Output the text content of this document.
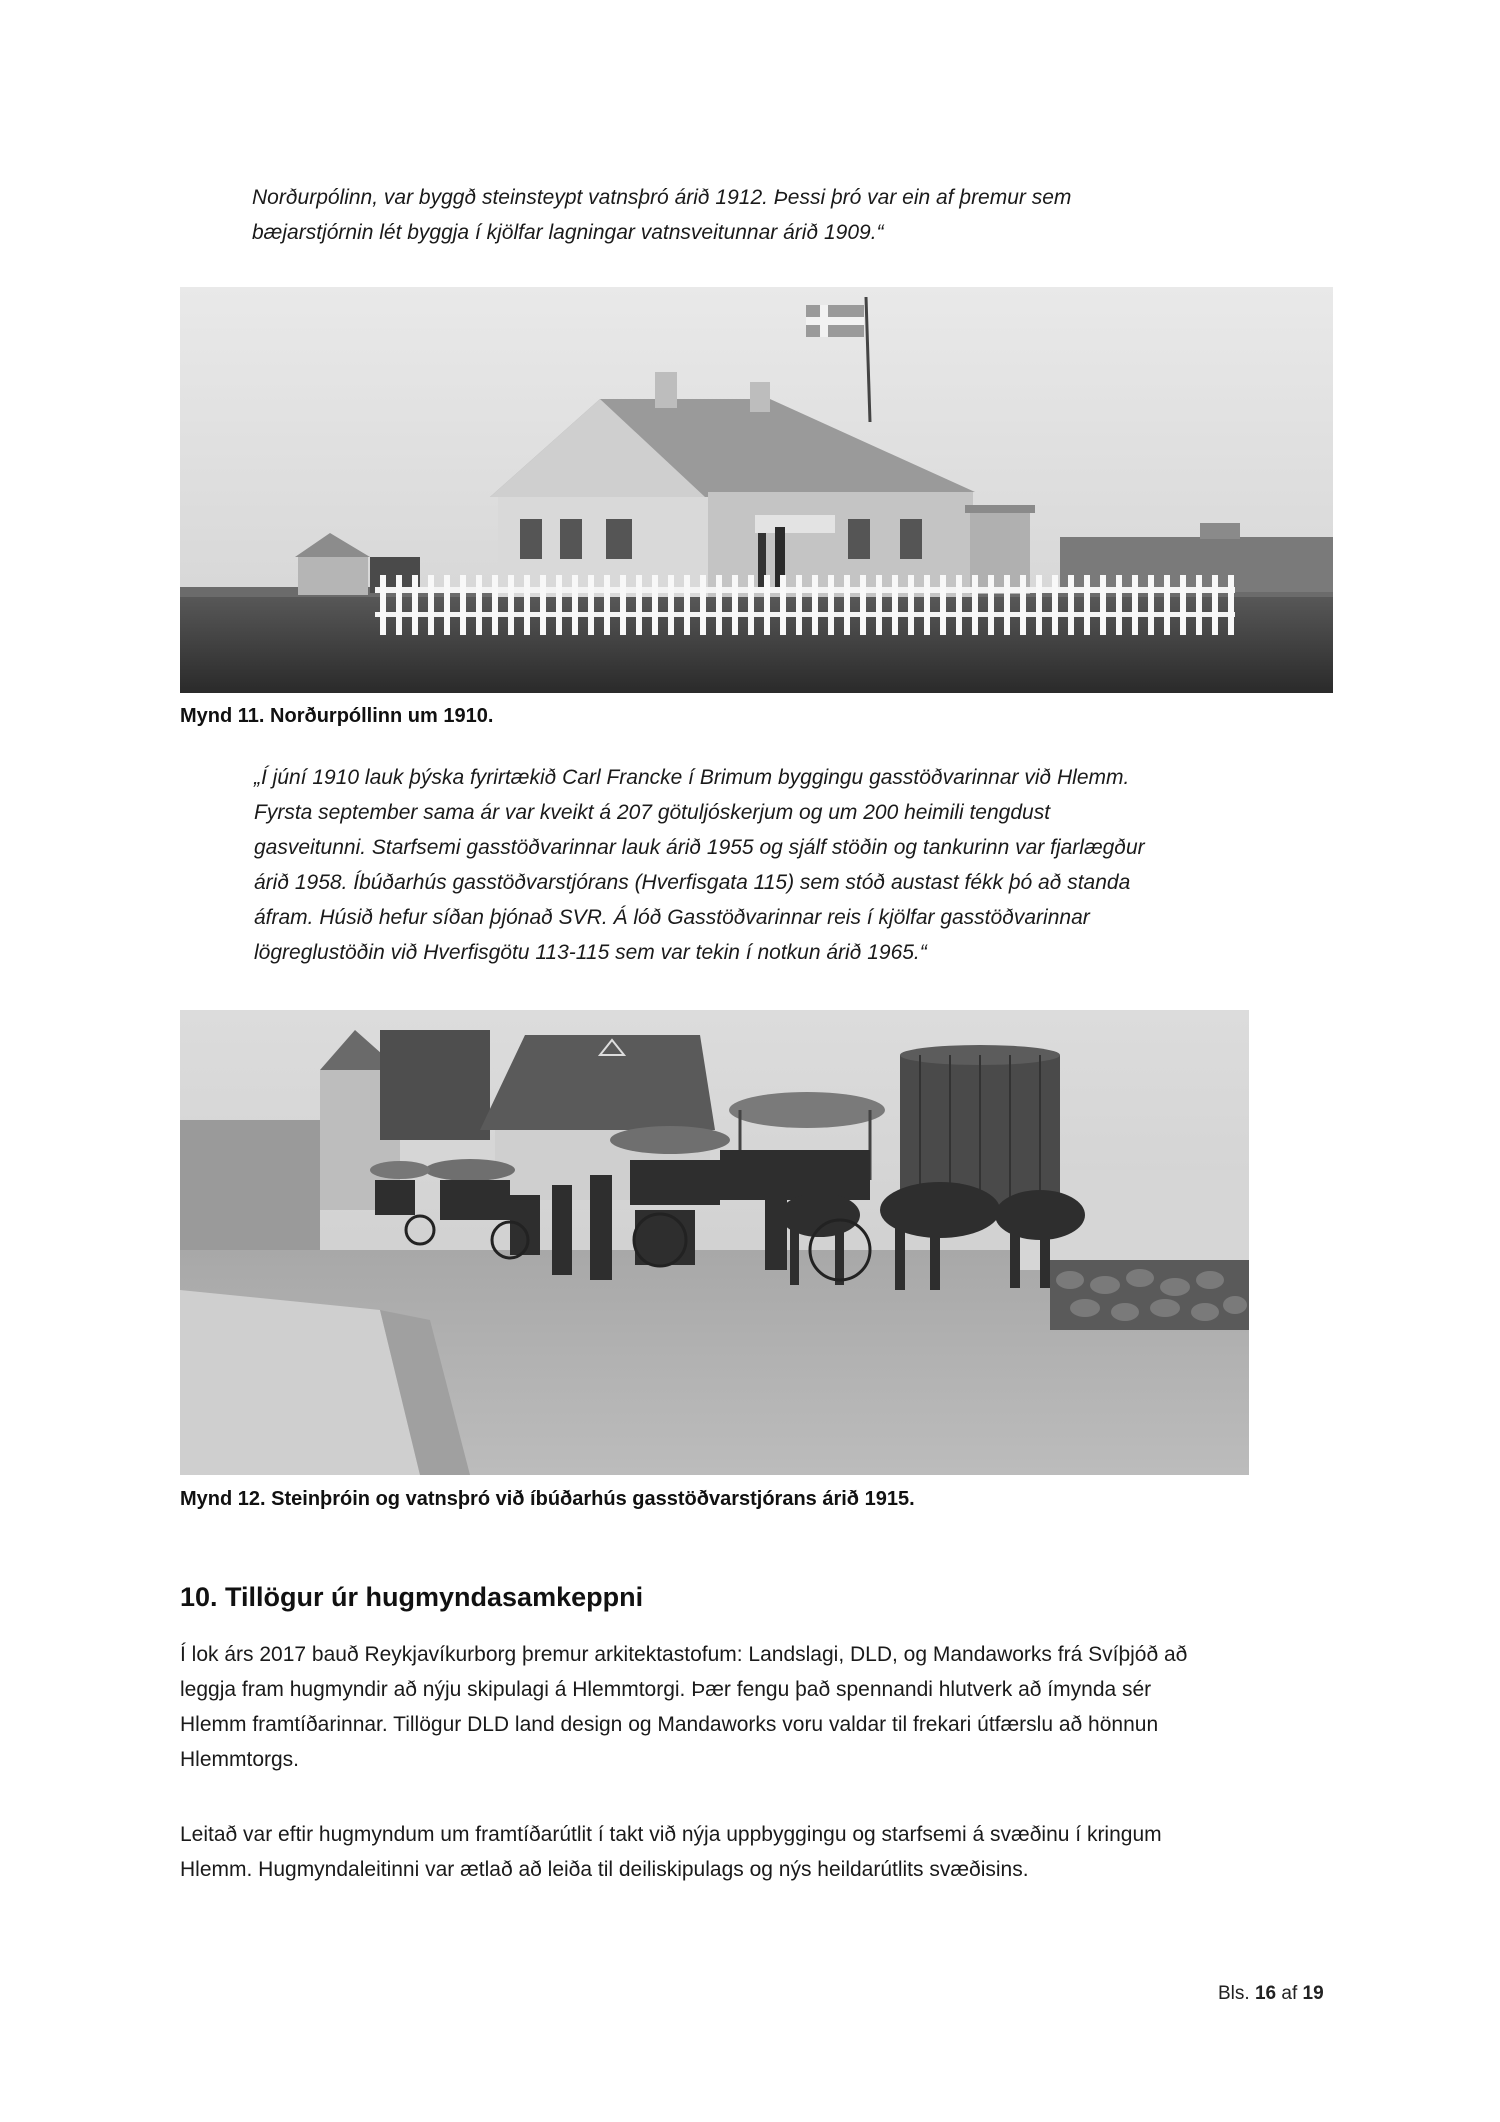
Norðurpólinn, var byggð steinsteypt vatnsþró árið 1912. Þessi þró var ein af þremur sem
bæjarstjórnin lét byggja í kjölfar lagningar vatnsveitunnar árið 1909.“
Mynd 11. Norðurpóllinn um 1910.
„Í júní 1910 lauk þýska fyrirtækið Carl Francke í Brimum byggingu gasstöðvarinnar við Hlemm.
Fyrsta september sama ár var kveikt á 207 götuljóskerjum og um 200 heimili tengdust
gasveitunni. Starfsemi gasstöðvarinnar lauk árið 1955 og sjálf stöðin og tankurinn var fjarlægður
árið 1958. Íbúðarhús gasstöðvarstjórans (Hverfisgata 115) sem stóð austast fékk þó að standa
áfram. Húsið hefur síðan þjónað SVR. Á lóð Gasstöðvarinnar reis í kjölfar gasstöðvarinnar
lögreglustöðin við Hverfisgötu 113-115 sem var tekin í notkun árið 1965.“
Mynd 12. Steinþróin og vatnsþró við íbúðarhús gasstöðvarstjórans árið 1915.
10. Tillögur úr hugmyndasamkeppni
Í lok árs 2017 bauð Reykjavíkurborg þremur arkitektastofum: Landslagi, DLD, og Mandaworks frá Svíþjóð að
leggja fram hugmyndir að nýju skipulagi á Hlemmtorgi. Þær fengu það spennandi hlutverk að ímynda sér
Hlemm framtíðarinnar. Tillögur DLD land design og Mandaworks voru valdar til frekari útfærslu að hönnun
Hlemmtorgs.
Leitað var eftir hugmyndum um framtíðarútlit í takt við nýja uppbyggingu og starfsemi á svæðinu í kringum
Hlemm. Hugmyndaleitinni var ætlað að leiða til deiliskipulags og nýs heildarútlits svæðisins.
Bls. 16 af 19
